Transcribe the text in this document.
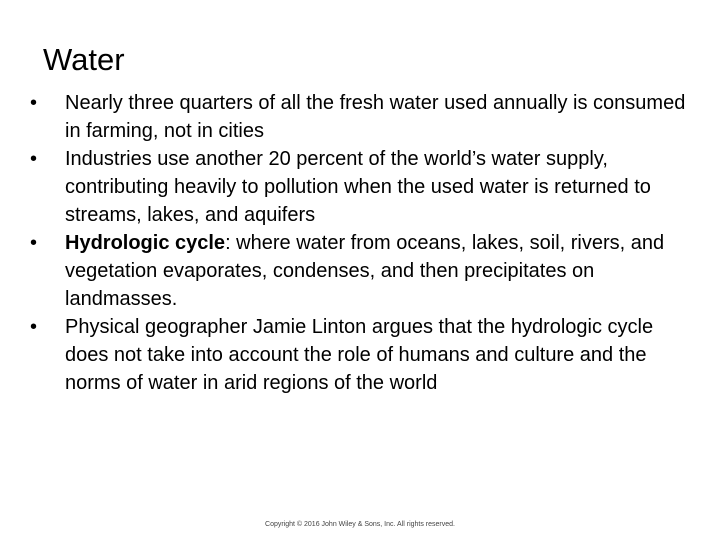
Water
•	Nearly three quarters of all the fresh water used annually is consumed in farming, not in cities
•	Industries use another 20 percent of the world’s water supply, contributing heavily to pollution when the used water is returned to streams, lakes, and aquifers
•	Hydrologic cycle: where water from oceans, lakes, soil, rivers, and vegetation evaporates, condenses, and then precipitates on landmasses.
•	Physical geographer Jamie Linton argues that the hydrologic cycle does not take into account the role of humans and culture and the norms of water in arid regions of the world
Copyright © 2016 John Wiley & Sons, Inc. All rights reserved.
